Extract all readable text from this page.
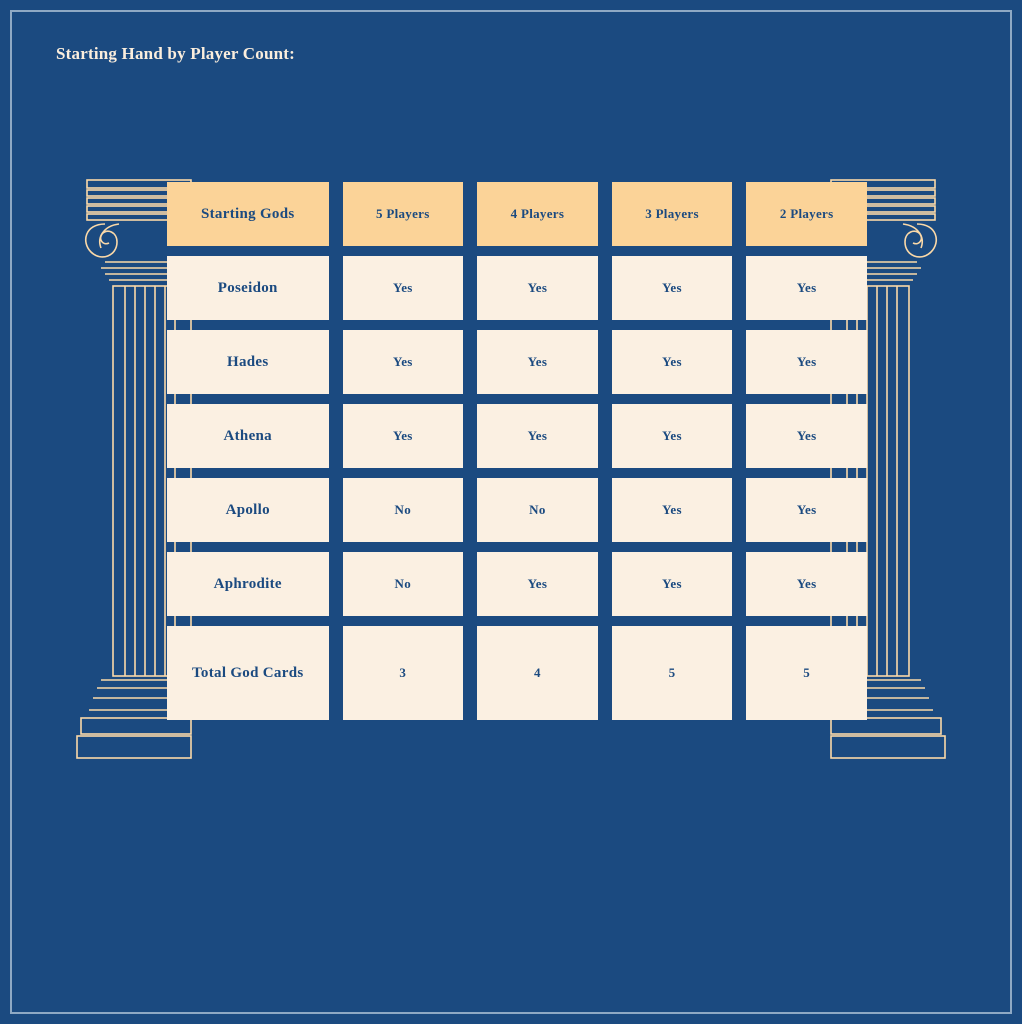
Starting Hand by Player Count:
Starting Gods	5 Players	4 Players	3 Players	2 Players

Poseidon	Yes	Yes	Yes	Yes

Hades	Yes	Yes	Yes	Yes

Athena	Yes	Yes	Yes	Yes

Apollo	No	No	Yes	Yes

Aphrodite	No	Yes	Yes	Yes

Total God Cards	3	4	5	5
